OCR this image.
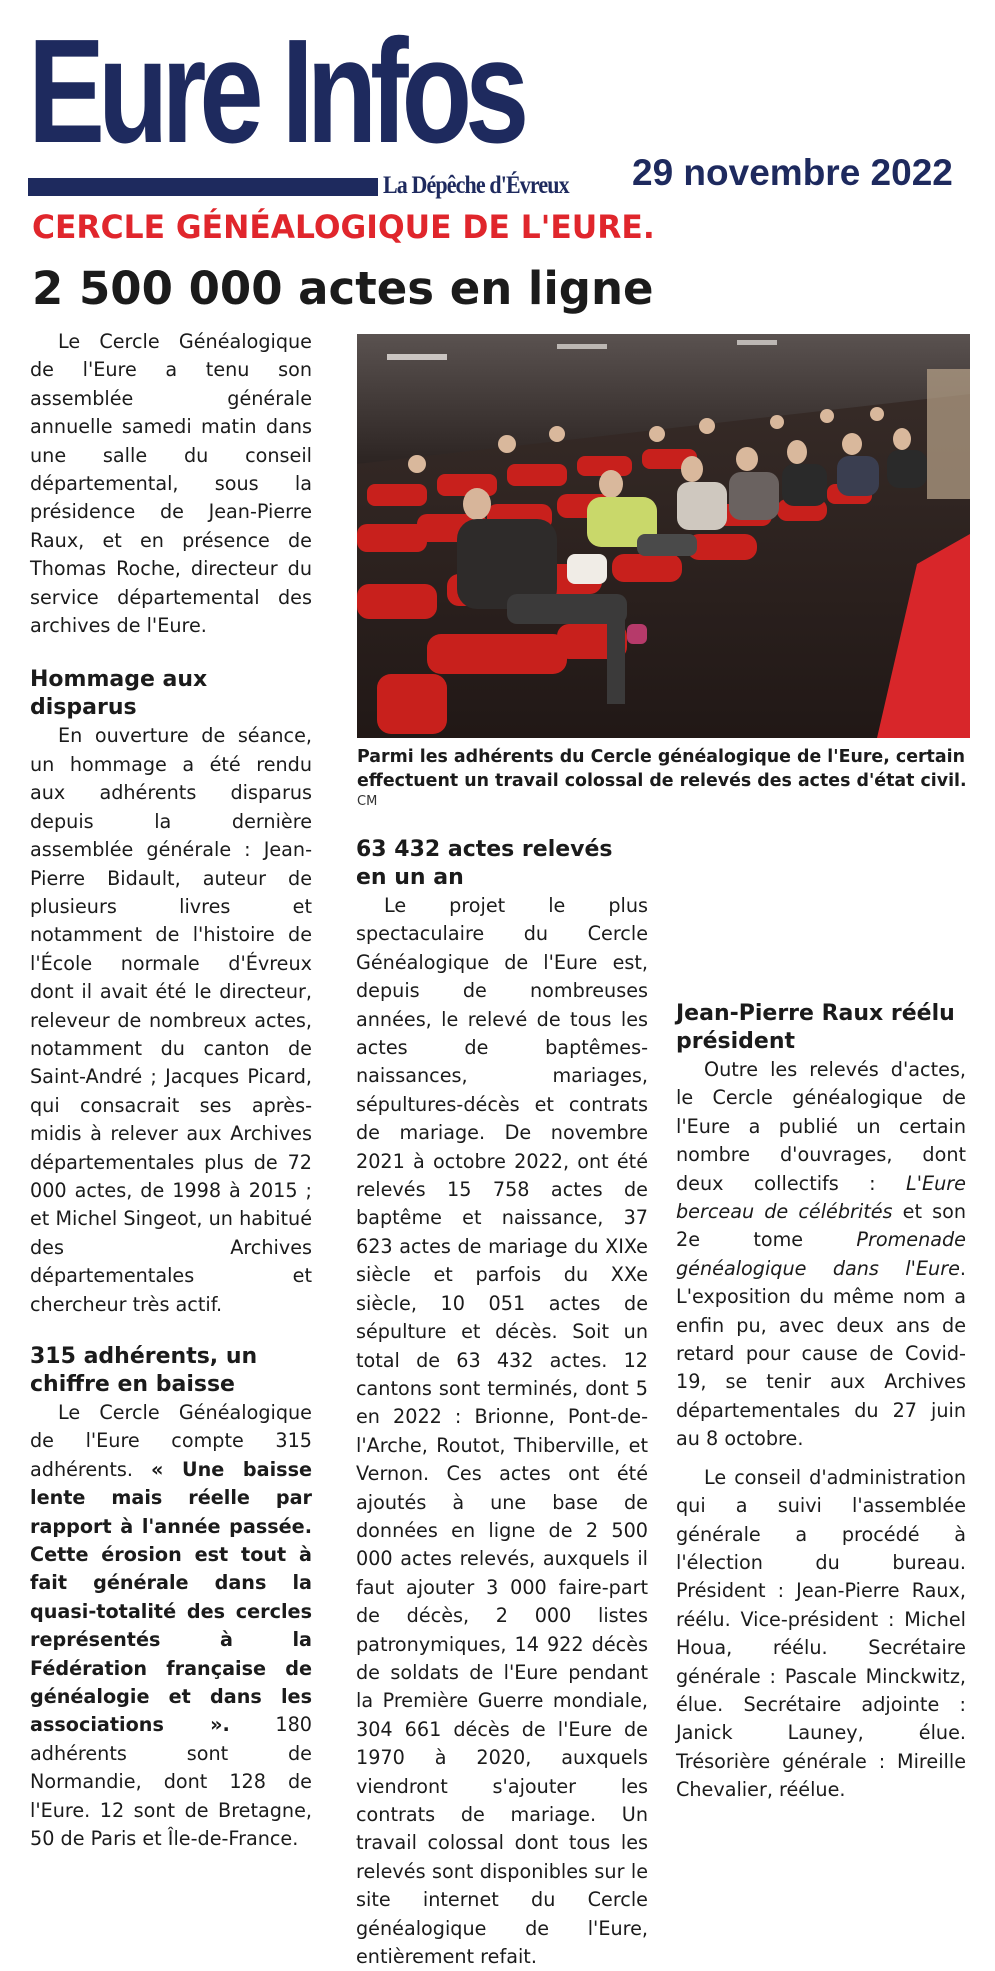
Eure Infos
La Dépêche d'Évreux 29 novembre 2022
CERCLE GÉNÉALOGIQUE DE L'EURE.
2 500 000 actes en ligne

Le Cercle Généalogique de l'Eure a tenu son assemblée générale annuelle samedi matin dans une salle du conseil départemental, sous la présidence de Jean-Pierre Raux, et en présence de Thomas Roche, directeur du service départemental des archives de l'Eure.

Hommage aux disparus

En ouverture de séance, un hommage a été rendu aux adhérents disparus depuis la dernière assemblée générale : Jean-Pierre Bidault, auteur de plusieurs livres et notamment de l'histoire de l'École normale d'Évreux dont il avait été le directeur, releveur de nombreux actes, notamment du canton de Saint-André ; Jacques Picard, qui consacrait ses après-midis à relever aux Archives départementales plus de 72 000 actes, de 1998 à 2015 ; et Michel Singeot, un habitué des Archives départementales et chercheur très actif.

315 adhérents, un chiffre en baisse

Le Cercle Généalogique de l'Eure compte 315 adhérents. « Une baisse lente mais réelle par rapport à l'année passée. Cette érosion est tout à fait générale dans la quasi-totalité des cercles représentés à la Fédération française de généalogie et dans les associations ». 180 adhérents sont de Normandie, dont 128 de l'Eure. 12 sont de Bretagne, 50 de Paris et Île-de-France.

Parmi les adhérents du Cercle généalogique de l'Eure, certain effectuent un travail colossal de relevés des actes d'état civil.
CM
63 432 actes relevés en un an

Le projet le plus spectaculaire du Cercle Généalogique de l'Eure est, depuis de nombreuses années, le relevé de tous les actes de baptêmes-naissances, mariages, sépultures-décès et contrats de mariage. De novembre 2021 à octobre 2022, ont été relevés 15 758 actes de baptême et naissance, 37 623 actes de mariage du XIXe siècle et parfois du XXe siècle, 10 051 actes de sépulture et décès. Soit un total de 63 432 actes. 12 cantons sont terminés, dont 5 en 2022 : Brionne, Pont-de-l'Arche, Routot, Thiberville, et Vernon. Ces actes ont été ajoutés à une base de données en ligne de 2 500 000 actes relevés, auxquels il faut ajouter 3 000 faire-part de décès, 2 000 listes patronymiques, 14 922 décès de soldats de l'Eure pendant la Première Guerre mondiale, 304 661 décès de l'Eure de 1970 à 2020, auxquels viendront s'ajouter les contrats de mariage. Un travail colossal dont tous les relevés sont disponibles sur le site internet du Cercle généalogique de l'Eure, entièrement refait.

Jean-Pierre Raux réélu président

Outre les relevés d'actes, le Cercle généalogique de l'Eure a publié un certain nombre d'ouvrages, dont deux collectifs : L'Eure berceau de célébrités et son 2e tome	Promenade généalogique dans l'Eure. L'exposition du même nom a enfin pu, avec deux ans de retard pour cause de Covid-19, se tenir aux Archives départementales du 27 juin au 8 octobre.

Le conseil d'administration qui a suivi l'assemblée générale a procédé à l'élection du bureau. Président : Jean-Pierre Raux, réélu. Vice-président : Michel Houa, réélu. Secrétaire générale : Pascale Minckwitz, élue. Secrétaire adjointe : Janick Launey, élue. Trésorière générale : Mireille Chevalier, réélue.
